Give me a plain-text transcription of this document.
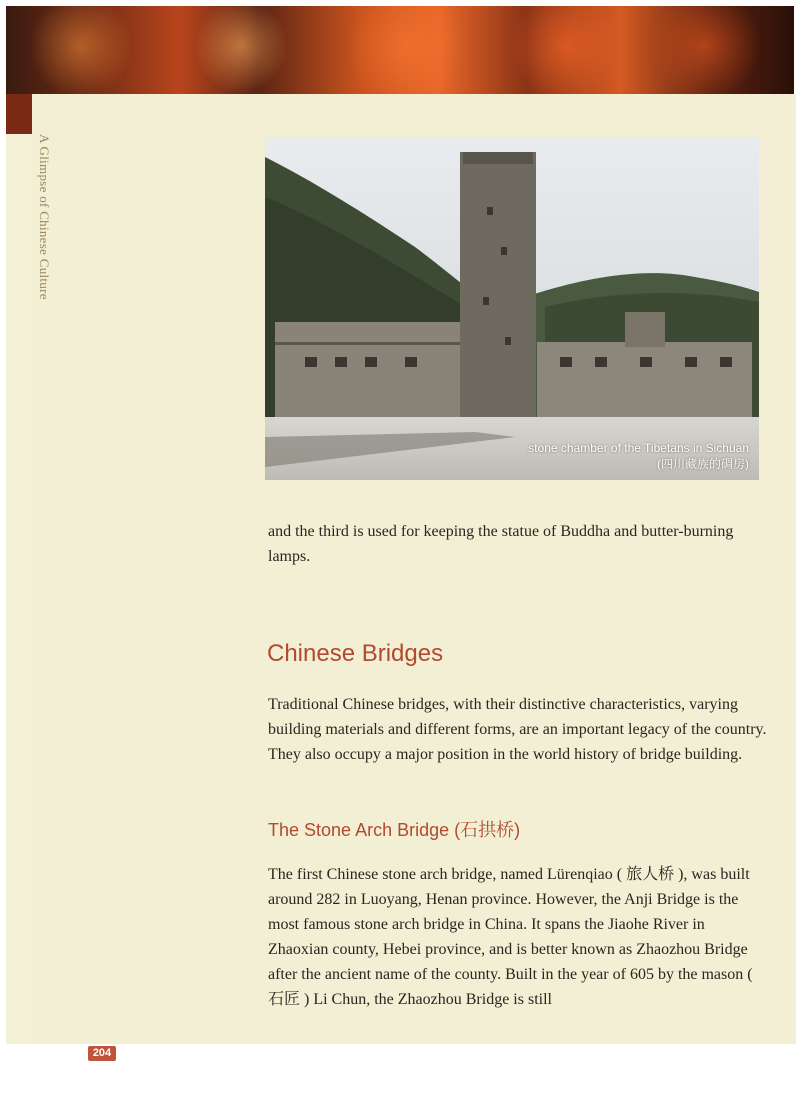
A Glimpse of Chinese Culture
stone chamber of the Tibetans in Sichuan
(四川藏族的碉房)
and the third is used for keeping the statue of Buddha and butter-burning lamps.
Chinese Bridges
Traditional Chinese bridges, with their distinctive characteristics, varying building materials and different forms, are an important legacy of the country. They also occupy a major position in the world history of bridge building.
The Stone Arch Bridge (石拱桥)
The first Chinese stone arch bridge, named Lürenqiao ( 旅人桥 ), was built around 282 in Luoyang, Henan province. However, the Anji Bridge is the most famous stone arch bridge in China. It spans the Jiaohe River in Zhaoxian county, Hebei province, and is better known as Zhaozhou Bridge after the ancient name of the county. Built in the year of 605 by the mason ( 石匠 ) Li Chun, the Zhaozhou Bridge is still
204
